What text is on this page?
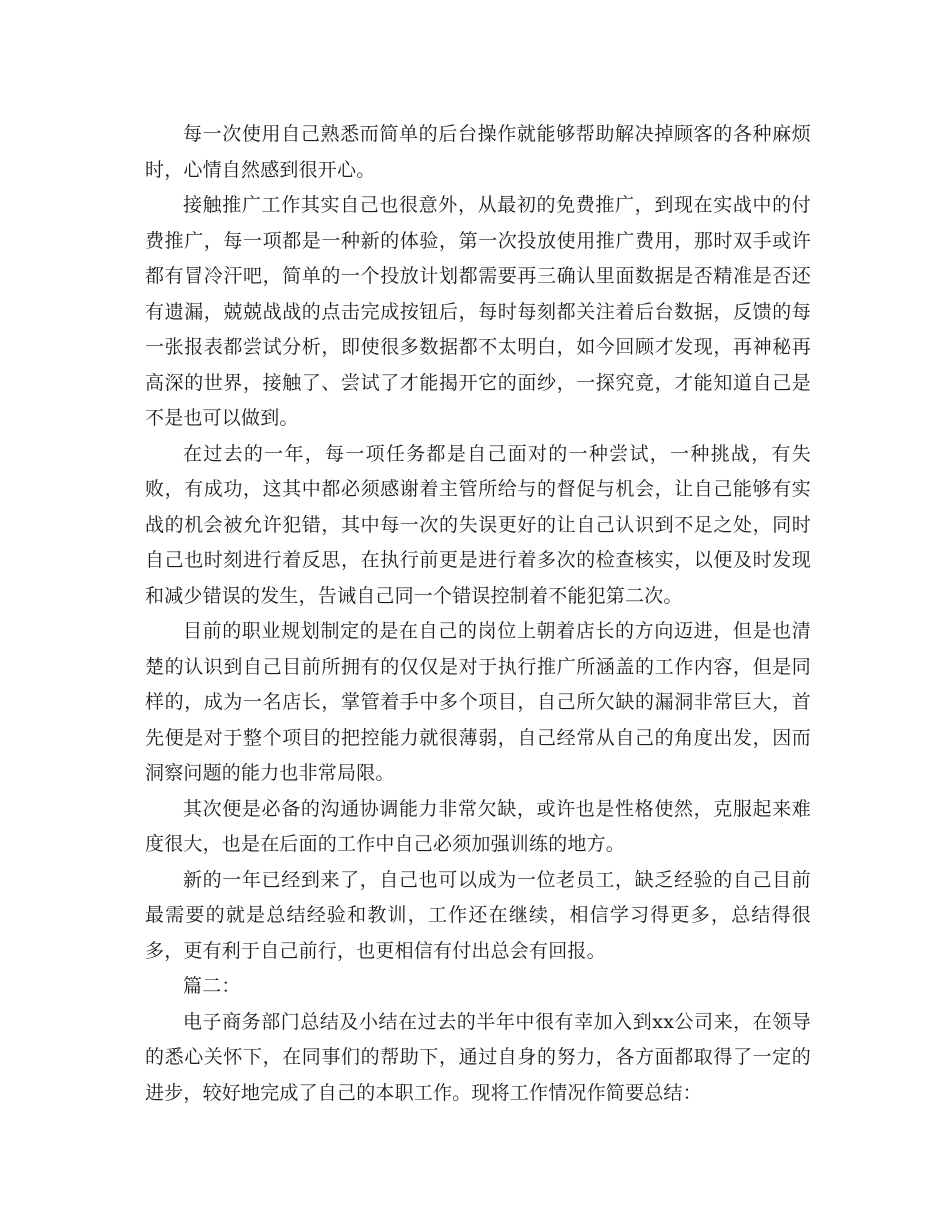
每一次使用自己熟悉而简单的后台操作就能够帮助解决掉顾客的各种麻烦时，心情自然感到很开心。

接触推广工作其实自己也很意外，从最初的免费推广，到现在实战中的付费推广，每一项都是一种新的体验，第一次投放使用推广费用，那时双手或许都有冒冷汗吧，简单的一个投放计划都需要再三确认里面数据是否精准是否还有遗漏，兢兢战战的点击完成按钮后，每时每刻都关注着后台数据，反馈的每一张报表都尝试分析，即使很多数据都不太明白，如今回顾才发现，再神秘再高深的世界，接触了、尝试了才能揭开它的面纱，一探究竟，才能知道自己是不是也可以做到。

在过去的一年，每一项任务都是自己面对的一种尝试，一种挑战，有失败，有成功，这其中都必须感谢着主管所给与的督促与机会，让自己能够有实战的机会被允许犯错，其中每一次的失误更好的让自己认识到不足之处，同时自己也时刻进行着反思，在执行前更是进行着多次的检查核实，以便及时发现和减少错误的发生，告诫自己同一个错误控制着不能犯第二次。

目前的职业规划制定的是在自己的岗位上朝着店长的方向迈进，但是也清楚的认识到自己目前所拥有的仅仅是对于执行推广所涵盖的工作内容，但是同样的，成为一名店长，掌管着手中多个项目，自己所欠缺的漏洞非常巨大，首先便是对于整个项目的把控能力就很薄弱，自己经常从自己的角度出发，因而洞察问题的能力也非常局限。

其次便是必备的沟通协调能力非常欠缺，或许也是性格使然，克服起来难度很大，也是在后面的工作中自己必须加强训练的地方。

新的一年已经到来了，自己也可以成为一位老员工，缺乏经验的自己目前最需要的就是总结经验和教训，工作还在继续，相信学习得更多，总结得很多，更有利于自己前行，也更相信有付出总会有回报。

篇二：

电子商务部门总结及小结在过去的半年中很有幸加入到xx公司来，在领导的悉心关怀下，在同事们的帮助下，通过自身的努力，各方面都取得了一定的进步，较好地完成了自己的本职工作。现将工作情况作简要总结：
